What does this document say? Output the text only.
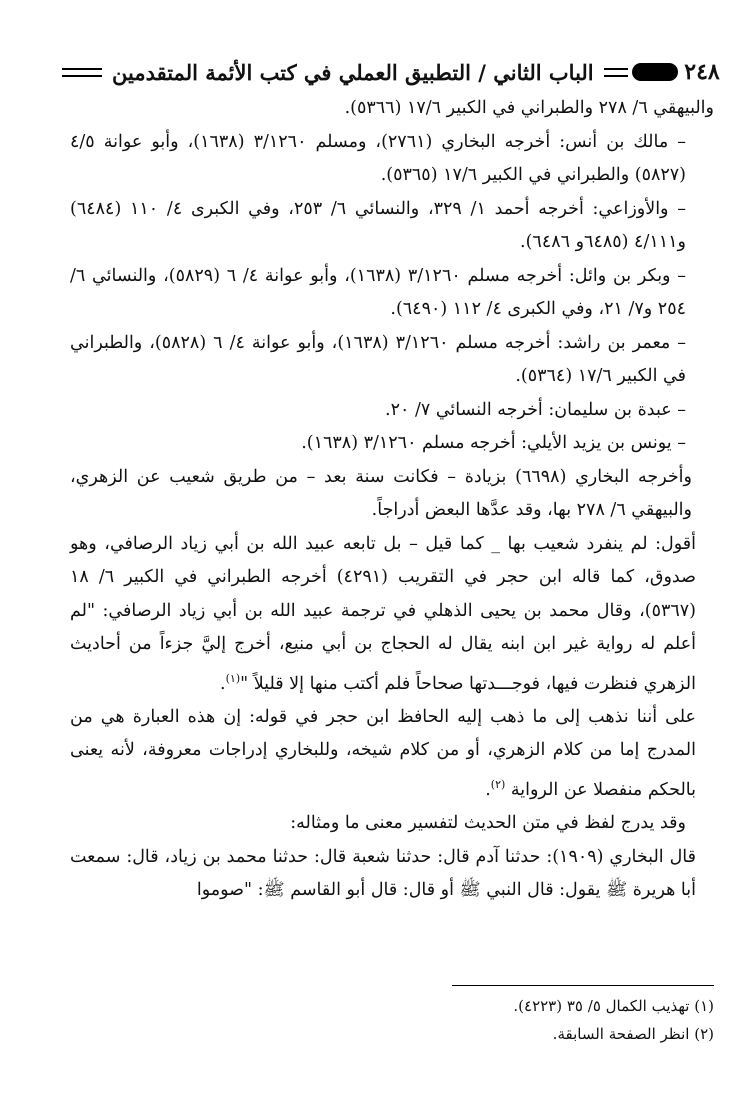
٢٤٨
الباب الثاني / التطبيق العملي في كتب الأئمة المتقدمين

والبيهقي ٦/ ٢٧٨ والطبراني في الكبير ١٧/٦ (٥٣٦٦).

– مالك بن أنس: أخرجه البخاري (٢٧٦١)، ومسلم ٣/١٢٦٠ (١٦٣٨)، وأبو عوانة ٤/٥ (٥٨٢٧) والطبراني في الكبير ١٧/٦ (٥٣٦٥).

– والأوزاعي: أخرجه أحمد ١/ ٣٢٩، والنسائي ٦/ ٢٥٣، وفي الكبرى ٤/ ١١٠ (٦٤٨٤) و٤/١١١ (٦٤٨٥و ٦٤٨٦).

– وبكر بن وائل: أخرجه مسلم ٣/١٢٦٠ (١٦٣٨)، وأبو عوانة ٤/ ٦ (٥٨٢٩)، والنسائي ٦/ ٢٥٤ و٧/ ٢١، وفي الكبرى ٤/ ١١٢ (٦٤٩٠).

– معمر بن راشد: أخرجه مسلم ٣/١٢٦٠ (١٦٣٨)، وأبو عوانة ٤/ ٦ (٥٨٢٨)، والطبراني في الكبير ١٧/٦ (٥٣٦٤).

– عبدة بن سليمان: أخرجه النسائي ٧/ ٢٠.

– يونس بن يزيد الأيلي: أخرجه مسلم ٣/١٢٦٠ (١٦٣٨).

وأخرجه البخاري (٦٦٩٨) بزيادة – فكانت سنة بعد – من طريق شعيب عن الزهري، والبيهقي ٦/ ٢٧٨ بها، وقد عدَّها البعض أدراجاً.

أقول: لم ينفرد شعيب بها _ كما قيل – بل تابعه عبيد الله بن أبي زياد الرصافي، وهو صدوق، كما قاله ابن حجر في التقريب (٤٢٩١) أخرجه الطبراني في الكبير ٦/ ١٨ (٥٣٦٧)، وقال محمد بن يحيى الذهلي في ترجمة عبيد الله بن أبي زياد الرصافي: "لم أعلم له رواية غير ابن ابنه يقال له الحجاج بن أبي منيع، أخرج إليَّ جزءاً من أحاديث الزهري فنظرت فيها، فوجـــدتها صحاحاً فلم أكتب منها إلا قليلاً "$^{(١)}$.

على أننا نذهب إلى ما ذهب إليه الحافظ ابن حجر في قوله: إن هذه العبارة هي من المدرج إما من كلام الزهري، أو من كلام شيخه، وللبخاري إدراجات معروفة، لأنه يعنى بالحكم منفصلا عن الرواية $^{(٢)}$.

وقد يدرج لفظ في متن الحديث لتفسير معنى ما ومثاله:

قال البخاري (١٩٠٩): حدثنا آدم قال: حدثنا شعبة قال: حدثنا محمد بن زياد، قال: سمعت أبا هريرة ﷺ يقول: قال النبي ﷺ أو قال: قال أبو القاسم ﷺ: "صوموا

(١) تهذيب الكمال ٥/ ٣٥ (٤٢٢٣).

(٢) انظر الصفحة السابقة.
